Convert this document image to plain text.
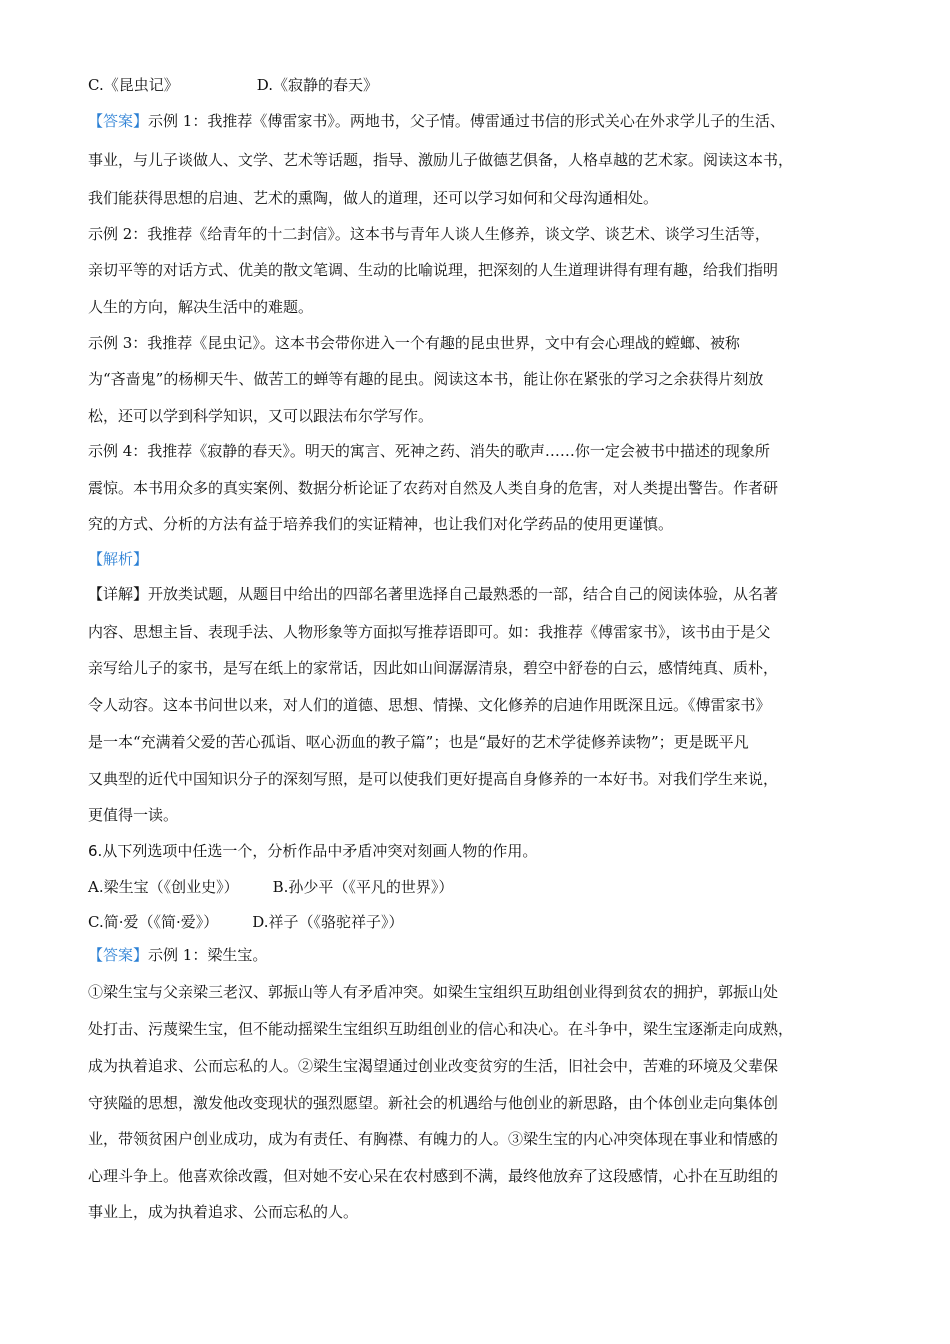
C.《昆虫记》	D.《寂静的春天》
【答案】示例 1：我推荐《傅雷家书》。两地书，父子情。傅雷通过书信的形式关心在外求学儿子的生活、
事业，与儿子谈做人、文学、艺术等话题，指导、激励儿子做德艺俱备，人格卓越的艺术家。阅读这本书，
我们能获得思想的启迪、艺术的熏陶，做人的道理，还可以学习如何和父母沟通相处。
示例 2：我推荐《给青年的十二封信》。这本书与青年人谈人生修养，谈文学、谈艺术、谈学习生活等，
亲切平等的对话方式、优美的散文笔调、生动的比喻说理，把深刻的人生道理讲得有理有趣，给我们指明
人生的方向，解决生活中的难题。
示例 3：我推荐《昆虫记》。这本书会带你进入一个有趣的昆虫世界，文中有会心理战的螳螂、被称
为“吝啬鬼”的杨柳天牛、做苦工的蝉等有趣的昆虫。阅读这本书，能让你在紧张的学习之余获得片刻放
松，还可以学到科学知识，又可以跟法布尔学写作。
示例 4：我推荐《寂静的春天》。明天的寓言、死神之药、消失的歌声……你一定会被书中描述的现象所
震惊。本书用众多的真实案例、数据分析论证了农药对自然及人类自身的危害，对人类提出警告。作者研
究的方式、分析的方法有益于培养我们的实证精神，也让我们对化学药品的使用更谨慎。
【解析】
【详解】开放类试题，从题目中给出的四部名著里选择自己最熟悉的一部，结合自己的阅读体验，从名著
内容、思想主旨、表现手法、人物形象等方面拟写推荐语即可。如：我推荐《傅雷家书》，该书由于是父
亲写给儿子的家书，是写在纸上的家常话，因此如山间潺潺清泉，碧空中舒卷的白云，感情纯真、质朴，
令人动容。这本书问世以来，对人们的道德、思想、情操、文化修养的启迪作用既深且远。《傅雷家书》
是一本“充满着父爱的苦心孤诣、呕心沥血的教子篇”；也是“最好的艺术学徒修养读物”；更是既平凡
又典型的近代中国知识分子的深刻写照，是可以使我们更好提高自身修养的一本好书。对我们学生来说，
更值得一读。
6.从下列选项中任选一个，分析作品中矛盾冲突对刻画人物的作用。
A.梁生宝（《创业史》） B.孙少平（《平凡的世界》）
C.简·爱（《简·爱》） D.祥子（《骆驼祥子》）
【答案】示例 1：梁生宝。
①梁生宝与父亲梁三老汉、郭振山等人有矛盾冲突。如梁生宝组织互助组创业得到贫农的拥护，郭振山处
处打击、污蔑梁生宝，但不能动摇梁生宝组织互助组创业的信心和决心。在斗争中，梁生宝逐渐走向成熟，
成为执着追求、公而忘私的人。②梁生宝渴望通过创业改变贫穷的生活，旧社会中，苦难的环境及父辈保
守狭隘的思想，激发他改变现状的强烈愿望。新社会的机遇给与他创业的新思路，由个体创业走向集体创
业，带领贫困户创业成功，成为有责任、有胸襟、有魄力的人。③梁生宝的内心冲突体现在事业和情感的
心理斗争上。他喜欢徐改霞，但对她不安心呆在农村感到不满，最终他放弃了这段感情，心扑在互助组的
事业上，成为执着追求、公而忘私的人。
